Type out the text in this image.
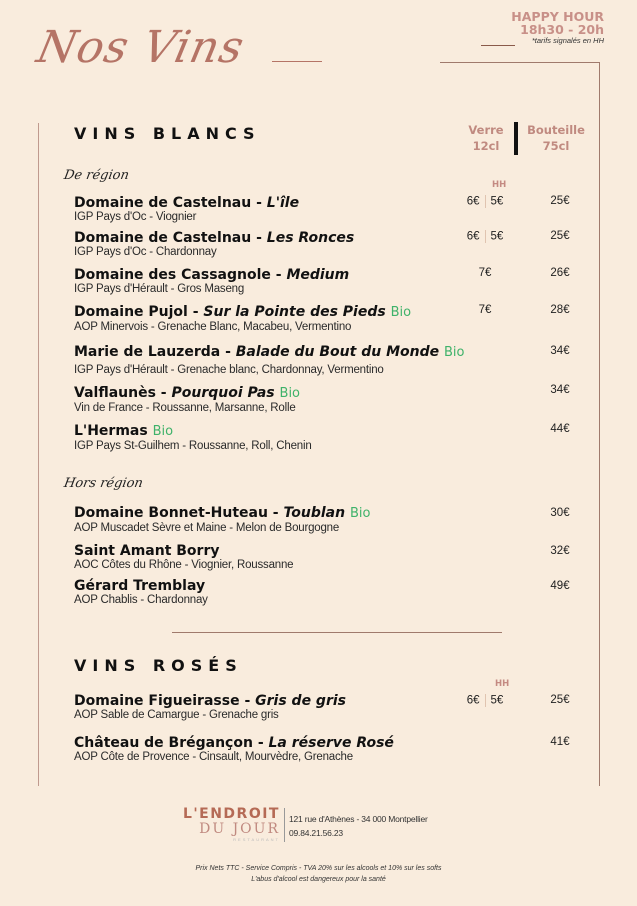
Nos Vins
HAPPY HOUR
18h30 - 20h
*tarifs signalés en HH
VINS BLANCS	Verre
12cl
Bouteille
75cl
De région
HH
Domaine de Castelnau - L'île
IGP Pays d'Oc - Viognier
6€ 5€	25€
Domaine de Castelnau - Les Ronces
IGP Pays d'Oc - Chardonnay
6€ 5€	25€
Domaine des Cassagnole - Medium
IGP Pays d'Hérault - Gros Maseng
7€	26€
Domaine Pujol - Sur la Pointe des Pieds Bio
AOP Minervois - Grenache Blanc, Macabeu, Vermentino
7€	28€
Marie de Lauzerda - Balade du Bout du Monde Bio
IGP Pays d'Hérault - Grenache blanc, Chardonnay, Vermentino
34€
Valflaunès - Pourquoi Pas Bio
Vin de France - Roussanne, Marsanne, Rolle
34€
L'Hermas Bio
IGP Pays St-Guilhem - Roussanne, Roll, Chenin
44€
Hors région
Domaine Bonnet-Huteau - Toublan Bio
AOP Muscadet Sèvre et Maine - Melon de Bourgogne
30€
Saint Amant Borry
AOC Côtes du Rhône - Viognier, Roussanne
32€
Gérard Tremblay
AOP Chablis - Chardonnay
49€
VINS ROSÉS
HH
Domaine Figueirasse - Gris de gris
AOP Sable de Camargue - Grenache gris
6€ 5€	25€
Château de Brégançon - La réserve Rosé
AOP Côte de Provence - Cinsault, Mourvèdre, Grenache
41€
L'ENDROIT
DU JOUR
RESTAURANT
121 rue d'Athènes - 34 000 Montpellier
09.84.21.56.23
Prix Nets TTC - Service Compris - TVA 20% sur les alcools et 10% sur les softs
L'abus d'alcool est dangereux pour la santé
